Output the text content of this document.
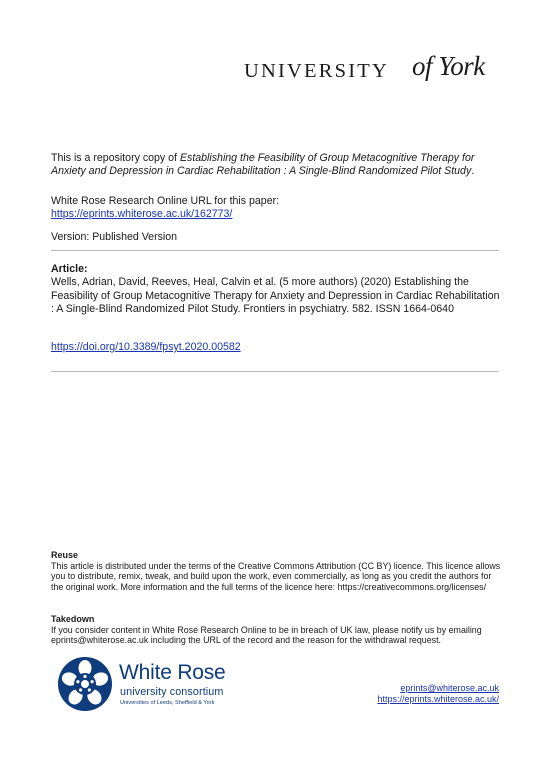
UNIVERSITY of York
This is a repository copy of Establishing the Feasibility of Group Metacognitive Therapy for Anxiety and Depression in Cardiac Rehabilitation : A Single-Blind Randomized Pilot Study.
White Rose Research Online URL for this paper:
https://eprints.whiterose.ac.uk/162773/
Version: Published Version
Article:
Wells, Adrian, David, Reeves, Heal, Calvin et al. (5 more authors) (2020) Establishing the Feasibility of Group Metacognitive Therapy for Anxiety and Depression in Cardiac Rehabilitation : A Single-Blind Randomized Pilot Study. Frontiers in psychiatry. 582. ISSN 1664-0640
https://doi.org/10.3389/fpsyt.2020.00582
Reuse
This article is distributed under the terms of the Creative Commons Attribution (CC BY) licence. This licence allows you to distribute, remix, tweak, and build upon the work, even commercially, as long as you credit the authors for the original work. More information and the full terms of the licence here: https://creativecommons.org/licenses/
Takedown
If you consider content in White Rose Research Online to be in breach of UK law, please notify us by emailing eprints@whiterose.ac.uk including the URL of the record and the reason for the withdrawal request.
White Rose
university consortium
Universities of Leeds, Sheffield & York
eprints@whiterose.ac.uk
https://eprints.whiterose.ac.uk/
